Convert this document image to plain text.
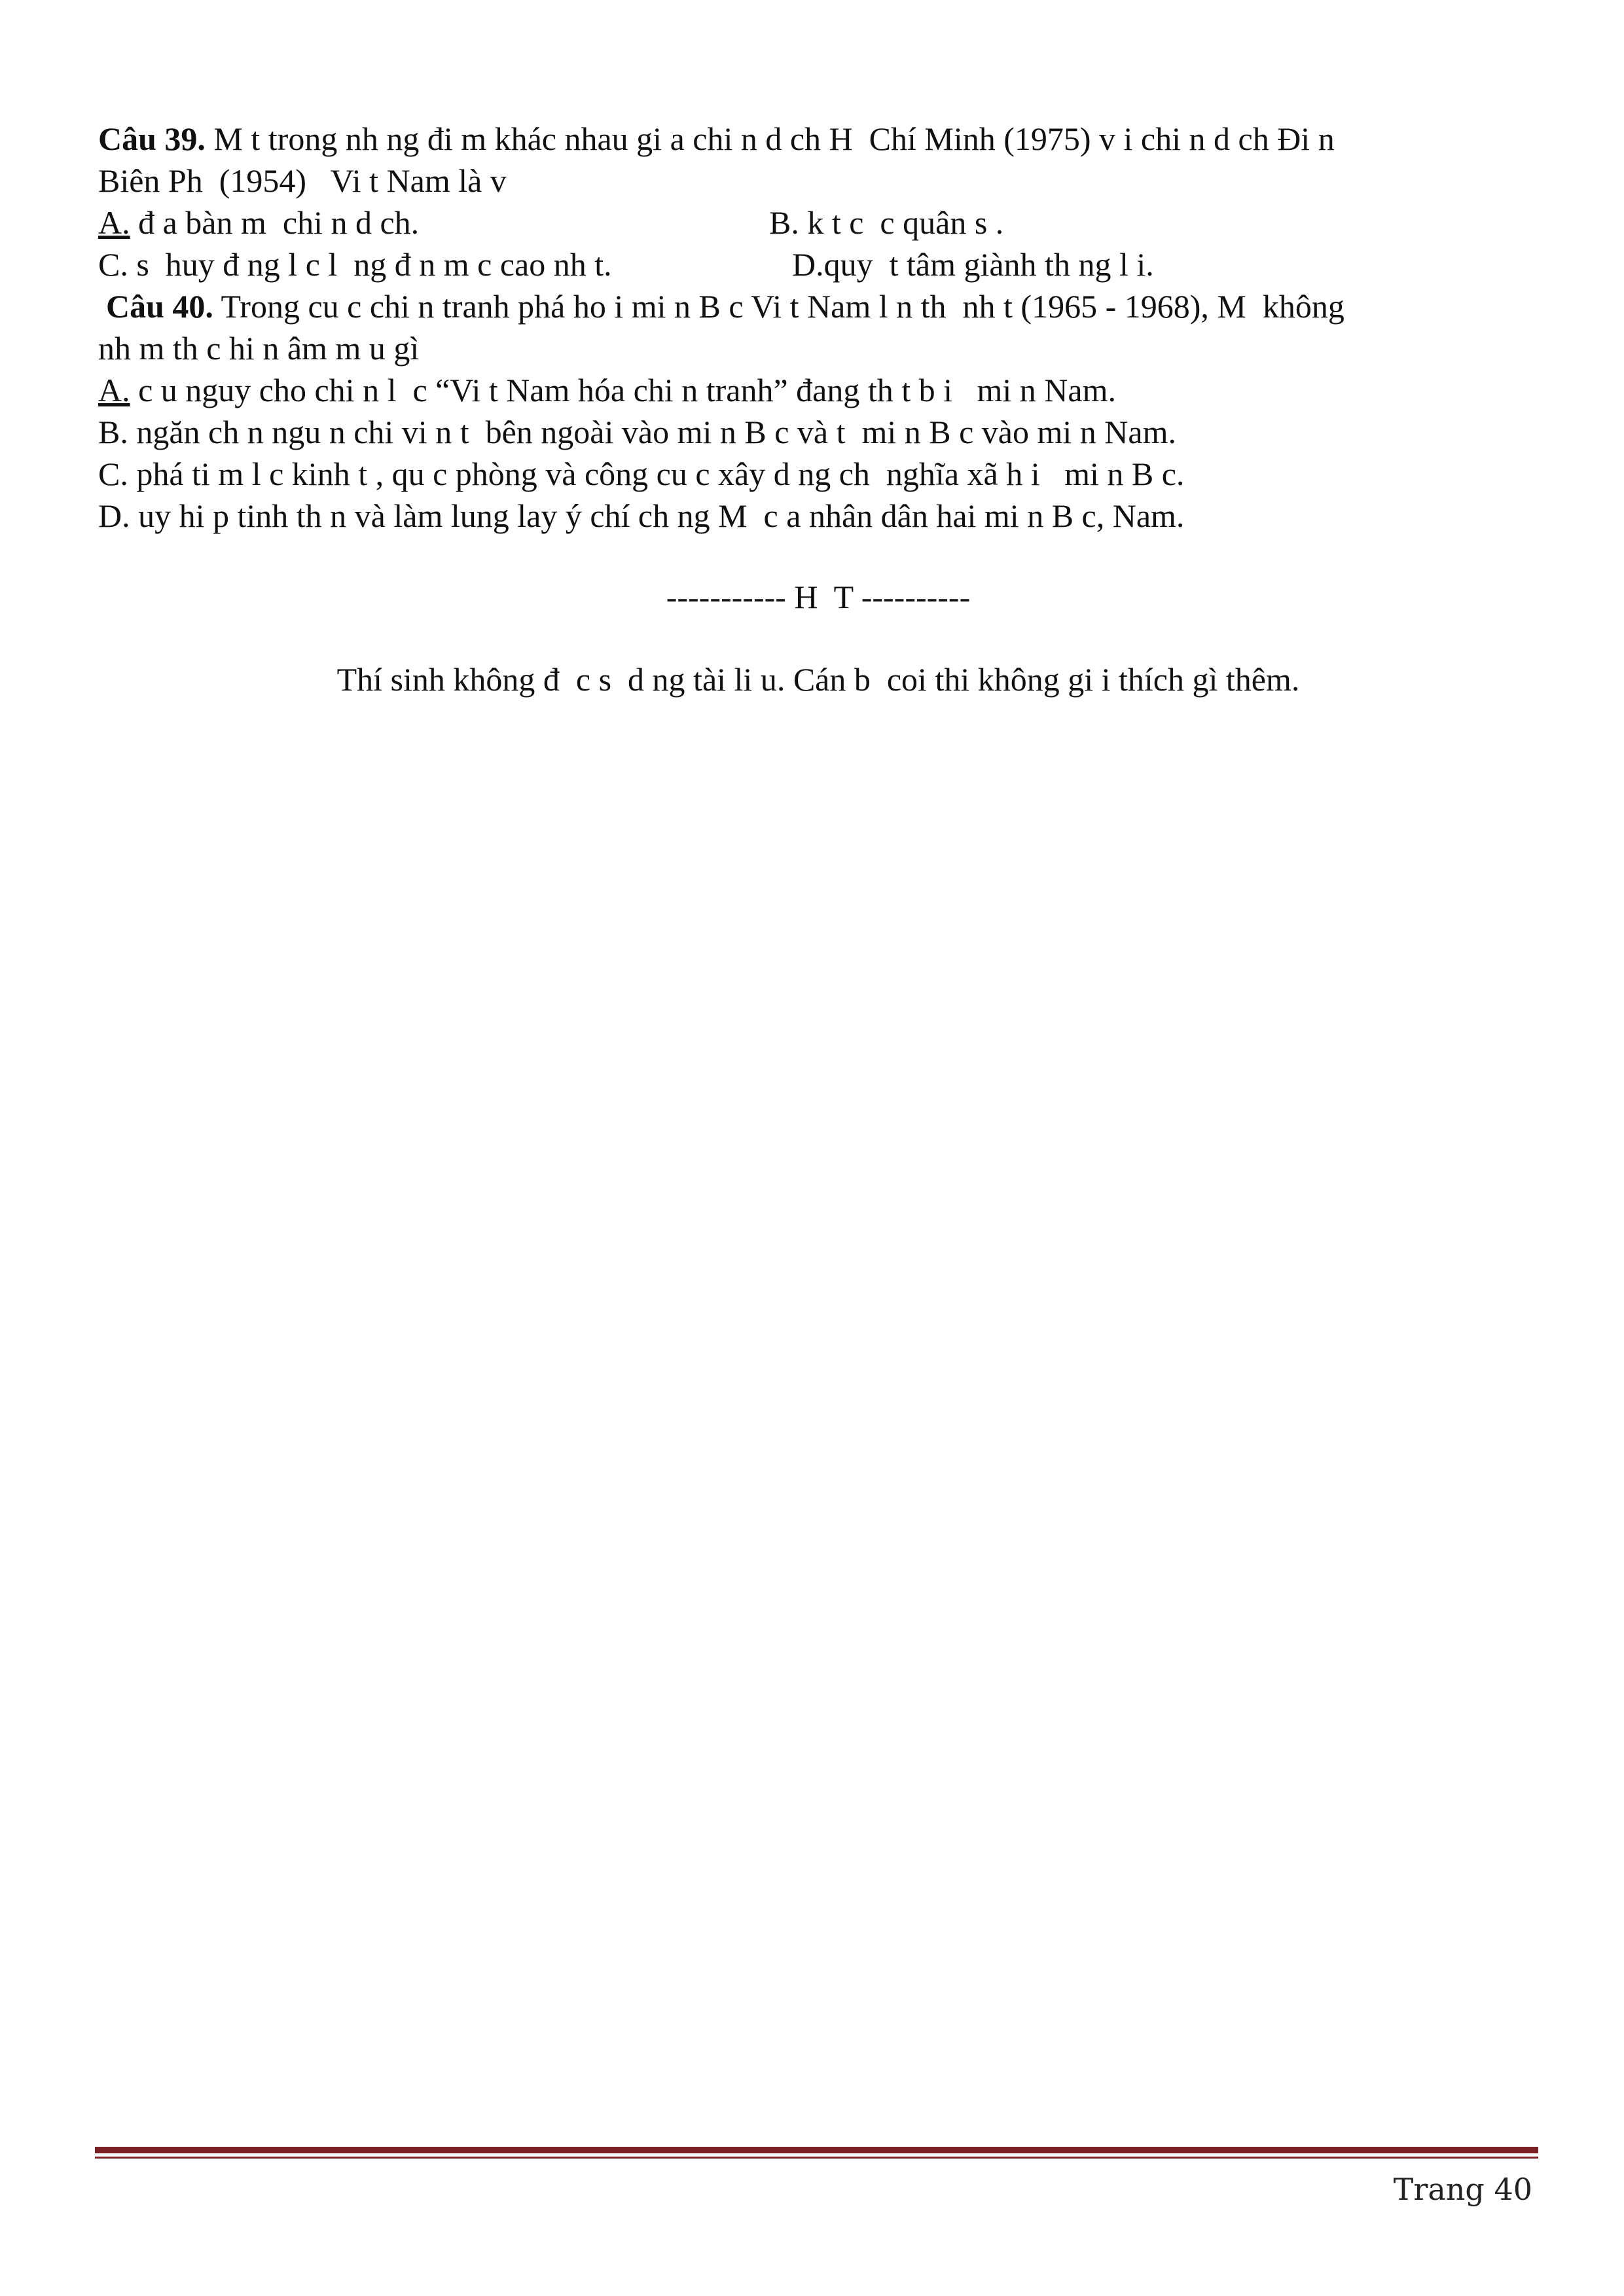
Câu 39. M t trong nh ng đi m khác nhau gi a chi n d ch H  Chí Minh (1975) v i chi n d ch Đi n
Biên Ph  (1954)   Vi t Nam là v
A. đ a bàn m  chi n d ch.	B. k t c  c quân s .
C. s  huy đ ng l c l  ng đ n m c cao nh t.	D.quy  t tâm giành th ng l i.
Câu 40. Trong cu c chi n tranh phá ho i mi n B c Vi t Nam l n th  nh t (1965 - 1968), M  không
nh m th c hi n âm m u gì
A. c u nguy cho chi n l  c “Vi t Nam hóa chi n tranh” đang th t b i   mi n Nam.
B. ngăn ch n ngu n chi vi n t  bên ngoài vào mi n B c và t  mi n B c vào mi n Nam.
C. phá ti m l c kinh t , qu c phòng và công cu c xây d ng ch  nghĩa xã h i   mi n B c.
D. uy hi p tinh th n và làm lung lay ý chí ch ng M  c a nhân dân hai mi n B c, Nam.
----------- H  T ----------
Thí sinh không đ  c s  d ng tài li u. Cán b  coi thi không gi i thích gì thêm.
Trang 40
